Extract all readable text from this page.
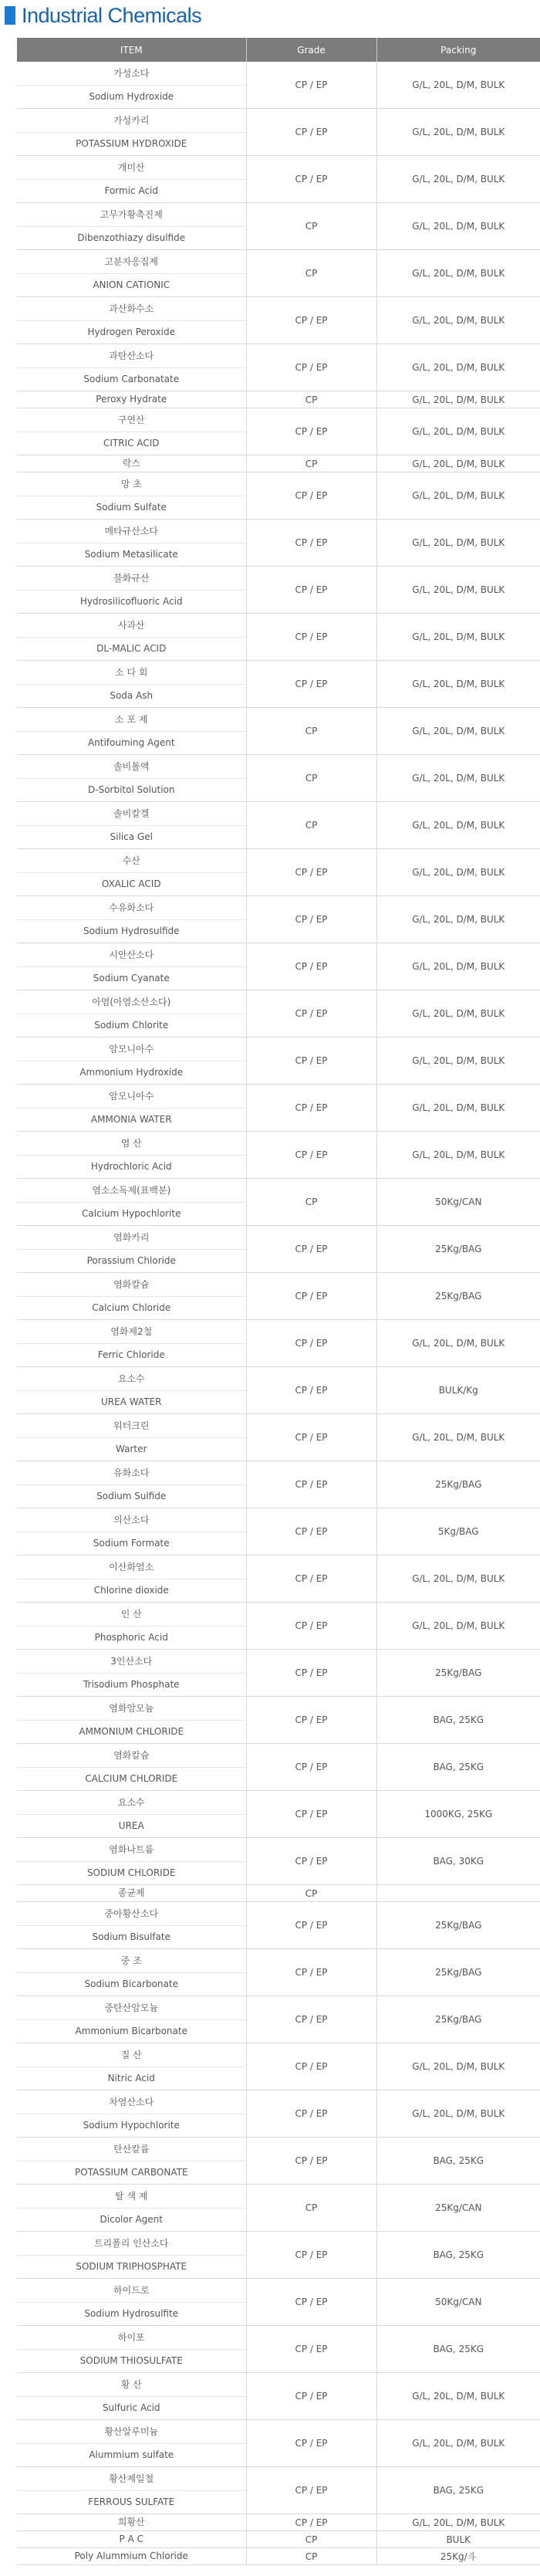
Industrial Chemicals
ITEM	Grade	Packing

가성소다
Sodium Hydroxide	CP / EP	G/L, 20L, D/M, BULK

가성카리
POTASSIUM HYDROXIDE	CP / EP	G/L, 20L, D/M, BULK

개미산
Formic Acid	CP / EP	G/L, 20L, D/M, BULK

고무가황촉진제
Dibenzothiazy disulfide	CP	G/L, 20L, D/M, BULK

고분자응집제
ANION CATIONIC	CP	G/L, 20L, D/M, BULK

과산화수소
Hydrogen Peroxide	CP / EP	G/L, 20L, D/M, BULK

과탄산소다
Sodium Carbonatate	CP / EP	G/L, 20L, D/M, BULK

Peroxy Hydrate	CP	G/L, 20L, D/M, BULK

구연산
CITRIC ACID	CP / EP	G/L, 20L, D/M, BULK

락스	CP	G/L, 20L, D/M, BULK

망 초
Sodium Sulfate	CP / EP	G/L, 20L, D/M, BULK

메타규산소다
Sodium Metasilicate	CP / EP	G/L, 20L, D/M, BULK

불화규산
Hydrosilicofluoric Acid	CP / EP	G/L, 20L, D/M, BULK

사과산
DL-MALIC ACID	CP / EP	G/L, 20L, D/M, BULK

소 다 회
Soda Ash	CP / EP	G/L, 20L, D/M, BULK

소 포 제
Antifouming Agent	CP	G/L, 20L, D/M, BULK

솔비톨액
D-Sorbitol Solution	CP	G/L, 20L, D/M, BULK

솔비칼겔
Silica Gel	CP	G/L, 20L, D/M, BULK

수산
OXALIC ACID	CP / EP	G/L, 20L, D/M, BULK

수유화소다
Sodium Hydrosulfide	CP / EP	G/L, 20L, D/M, BULK

시안산소다
Sodium Cyanate	CP / EP	G/L, 20L, D/M, BULK

아염(아염소산소다)
Sodium Chlorite	CP / EP	G/L, 20L, D/M, BULK

암모니아수
Ammonium Hydroxide	CP / EP	G/L, 20L, D/M, BULK

암모니아수
AMMONIA WATER	CP / EP	G/L, 20L, D/M, BULK

염 산
Hydrochloric Acid	CP / EP	G/L, 20L, D/M, BULK

염소소독제(표백분)
Calcium Hypochlorite	CP	50Kg/CAN

염화카리
Porassium Chloride	CP / EP	25Kg/BAG

염화칼슘
Calcium Chloride	CP / EP	25Kg/BAG

염화제2철
Ferric Chloride	CP / EP	G/L, 20L, D/M, BULK

요소수
UREA WATER	CP / EP	BULK/Kg

워터크린
Warter	CP / EP	G/L, 20L, D/M, BULK

유화소다
Sodium Sulfide	CP / EP	25Kg/BAG

의산소다
Sodium Formate	CP / EP	5Kg/BAG

이산화염소
Chlorine dioxide	CP / EP	G/L, 20L, D/M, BULK

인 산
Phosphoric Acid	CP / EP	G/L, 20L, D/M, BULK

3인산소다
Trisodium Phosphate	CP / EP	25Kg/BAG

염화암모늄
AMMONIUM CHLORIDE	CP / EP	BAG, 25KG

염화칼슘
CALCIUM CHLORIDE	CP / EP	BAG, 25KG

요소수
UREA	CP / EP	1000KG, 25KG

염화나트륨
SODIUM CHLORIDE	CP / EP	BAG, 30KG

종균제	CP	

중아황산소다
Sodium Bisulfate	CP / EP	25Kg/BAG

중 조
Sodium Bicarbonate	CP / EP	25Kg/BAG

중탄산암모늄
Ammonium Bicarbonate	CP / EP	25Kg/BAG

질 산
Nitric Acid	CP / EP	G/L, 20L, D/M, BULK

차염산소다
Sodium Hypochlorite	CP / EP	G/L, 20L, D/M, BULK

탄산칼륨
POTASSIUM CARBONATE	CP / EP	BAG, 25KG

탈 색 제
Dicolor Agent	CP	25Kg/CAN

트리폴리 인산소다
SODIUM TRIPHOSPHATE	CP / EP	BAG, 25KG

하이드로
Sodium Hydrosulfite	CP / EP	50Kg/CAN

하이포
SODIUM THIOSULFATE	CP / EP	BAG, 25KG

황 산
Sulfuric Acid	CP / EP	G/L, 20L, D/M, BULK

황산알루미늄
Alummium sulfate	CP / EP	G/L, 20L, D/M, BULK

황산제일철
FERROUS SULFATE	CP / EP	BAG, 25KG

희황산	CP / EP	G/L, 20L, D/M, BULK

P A C	CP	BULK

Poly Alummium Chloride	CP	25Kg/斗
